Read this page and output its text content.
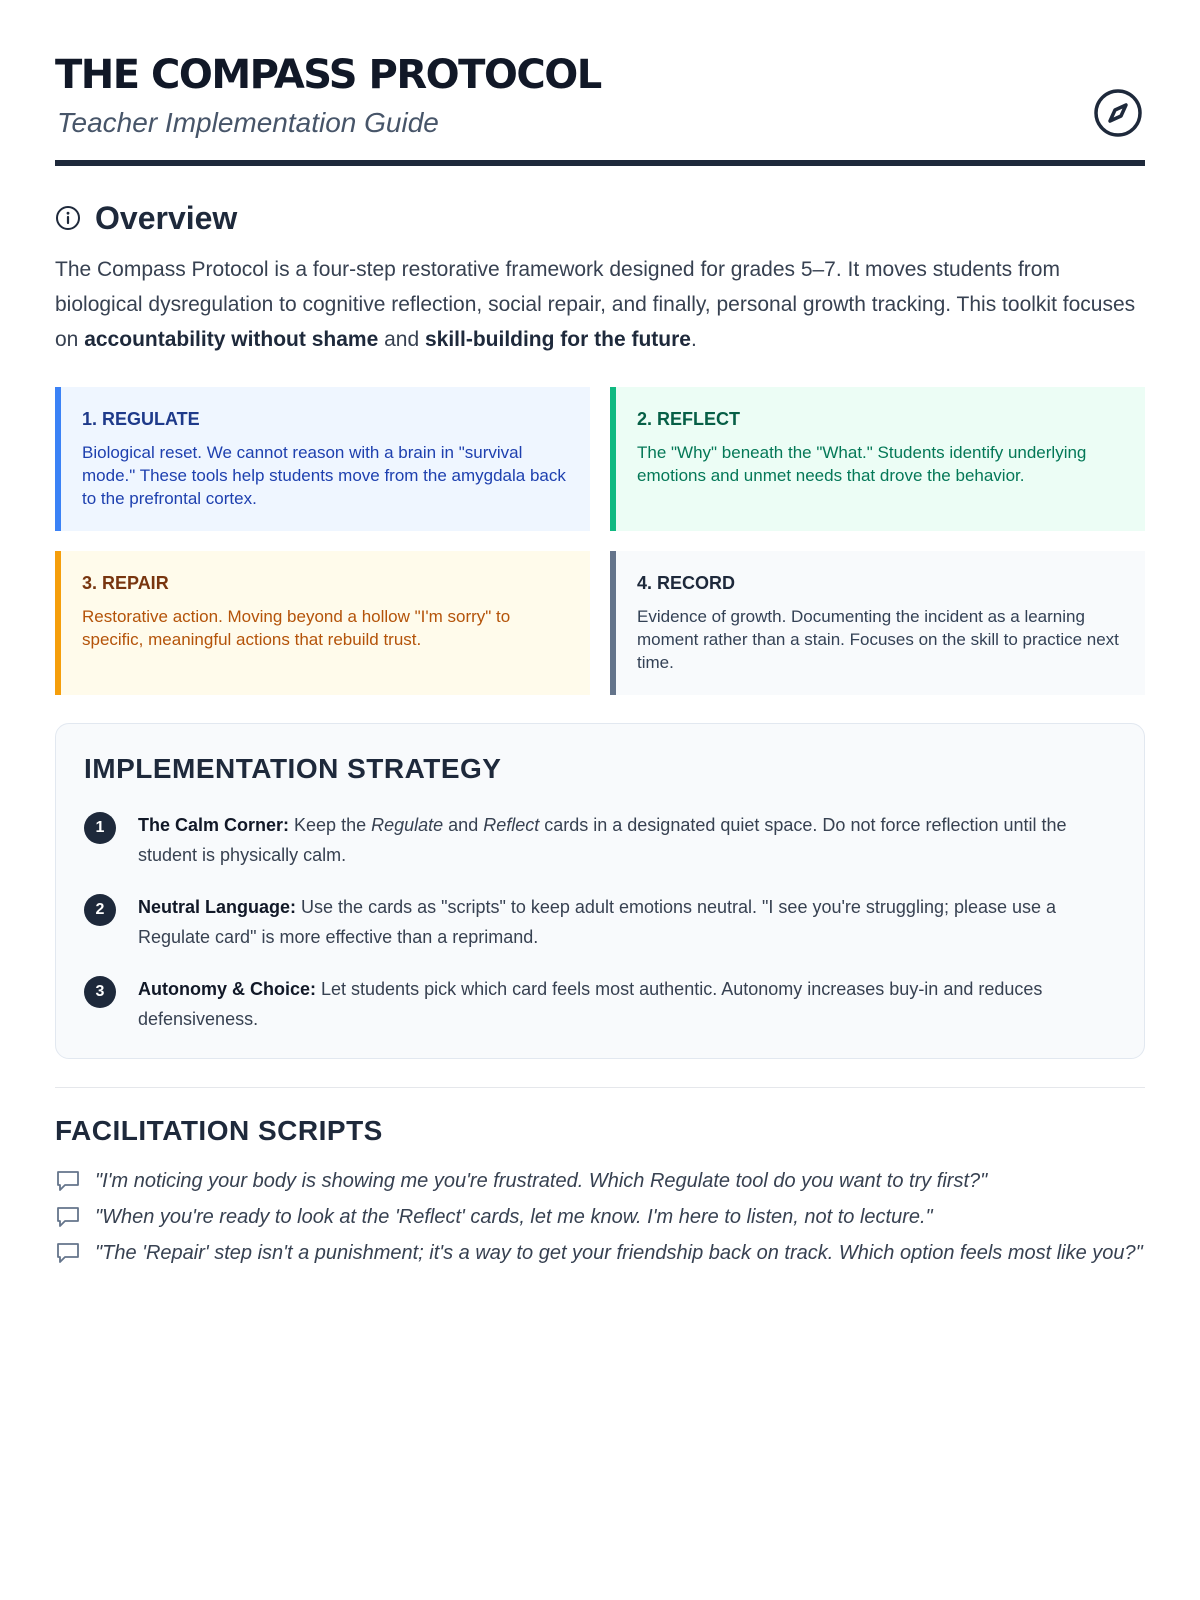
THE COMPASS PROTOCOL
Teacher Implementation Guide
Overview

The Compass Protocol is a four-step restorative framework designed for grades 5–7. It moves students from biological dysregulation to cognitive reflection, social repair, and finally, personal growth tracking. This toolkit focuses on accountability without shame and skill-building for the future.

1. REGULATE

Biological reset. We cannot reason with a brain in "survival mode." These tools help students move from the amygdala back to the prefrontal cortex.

2. REFLECT

The "Why" beneath the "What." Students identify underlying emotions and unmet needs that drove the behavior.

3. REPAIR

Restorative action. Moving beyond a hollow "I'm sorry" to specific, meaningful actions that rebuild trust.

4. RECORD

Evidence of growth. Documenting the incident as a learning moment rather than a stain. Focuses on the skill to practice next time.

IMPLEMENTATION STRATEGY
1	The Calm Corner: Keep the Regulate and Reflect cards in a designated quiet space. Do not force reflection until the student is physically calm.

2	Neutral Language: Use the cards as "scripts" to keep adult emotions neutral. "I see you're struggling; please use a Regulate card" is more effective than a reprimand.

3	Autonomy & Choice: Let students pick which card feels most authentic. Autonomy increases buy-in and reduces defensiveness.

FACILITATION SCRIPTS

"I'm noticing your body is showing me you're frustrated. Which Regulate tool do you want to try first?"

"When you're ready to look at the 'Reflect' cards, let me know. I'm here to listen, not to lecture."

"The 'Repair' step isn't a punishment; it's a way to get your friendship back on track. Which option feels most like you?"
